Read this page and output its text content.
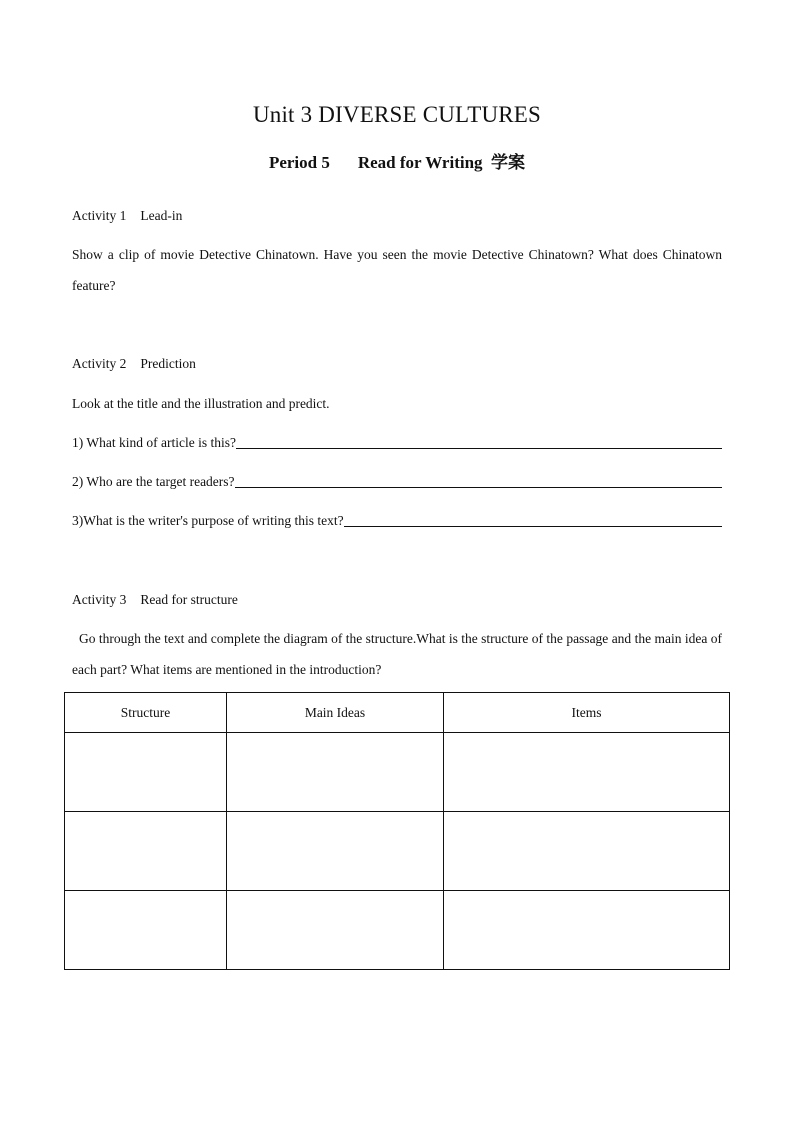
Unit 3 DIVERSE CULTURES
Period 5 Read for Writing 学案
Activity 1 Lead-in
Show a clip of movie Detective Chinatown. Have you seen the movie Detective Chinatown? What does Chinatown feature?
Activity 2 Prediction
Look at the title and the illustration and predict.
1) What kind of article is this?
2) Who are the target readers?
3)What is the writer's purpose of writing this text?
Activity 3 Read for structure
Go through the text and complete the diagram of the structure.What is the structure of the passage and the main idea of each part? What items are mentioned in the introduction?
Structure	Main Ideas	Items
